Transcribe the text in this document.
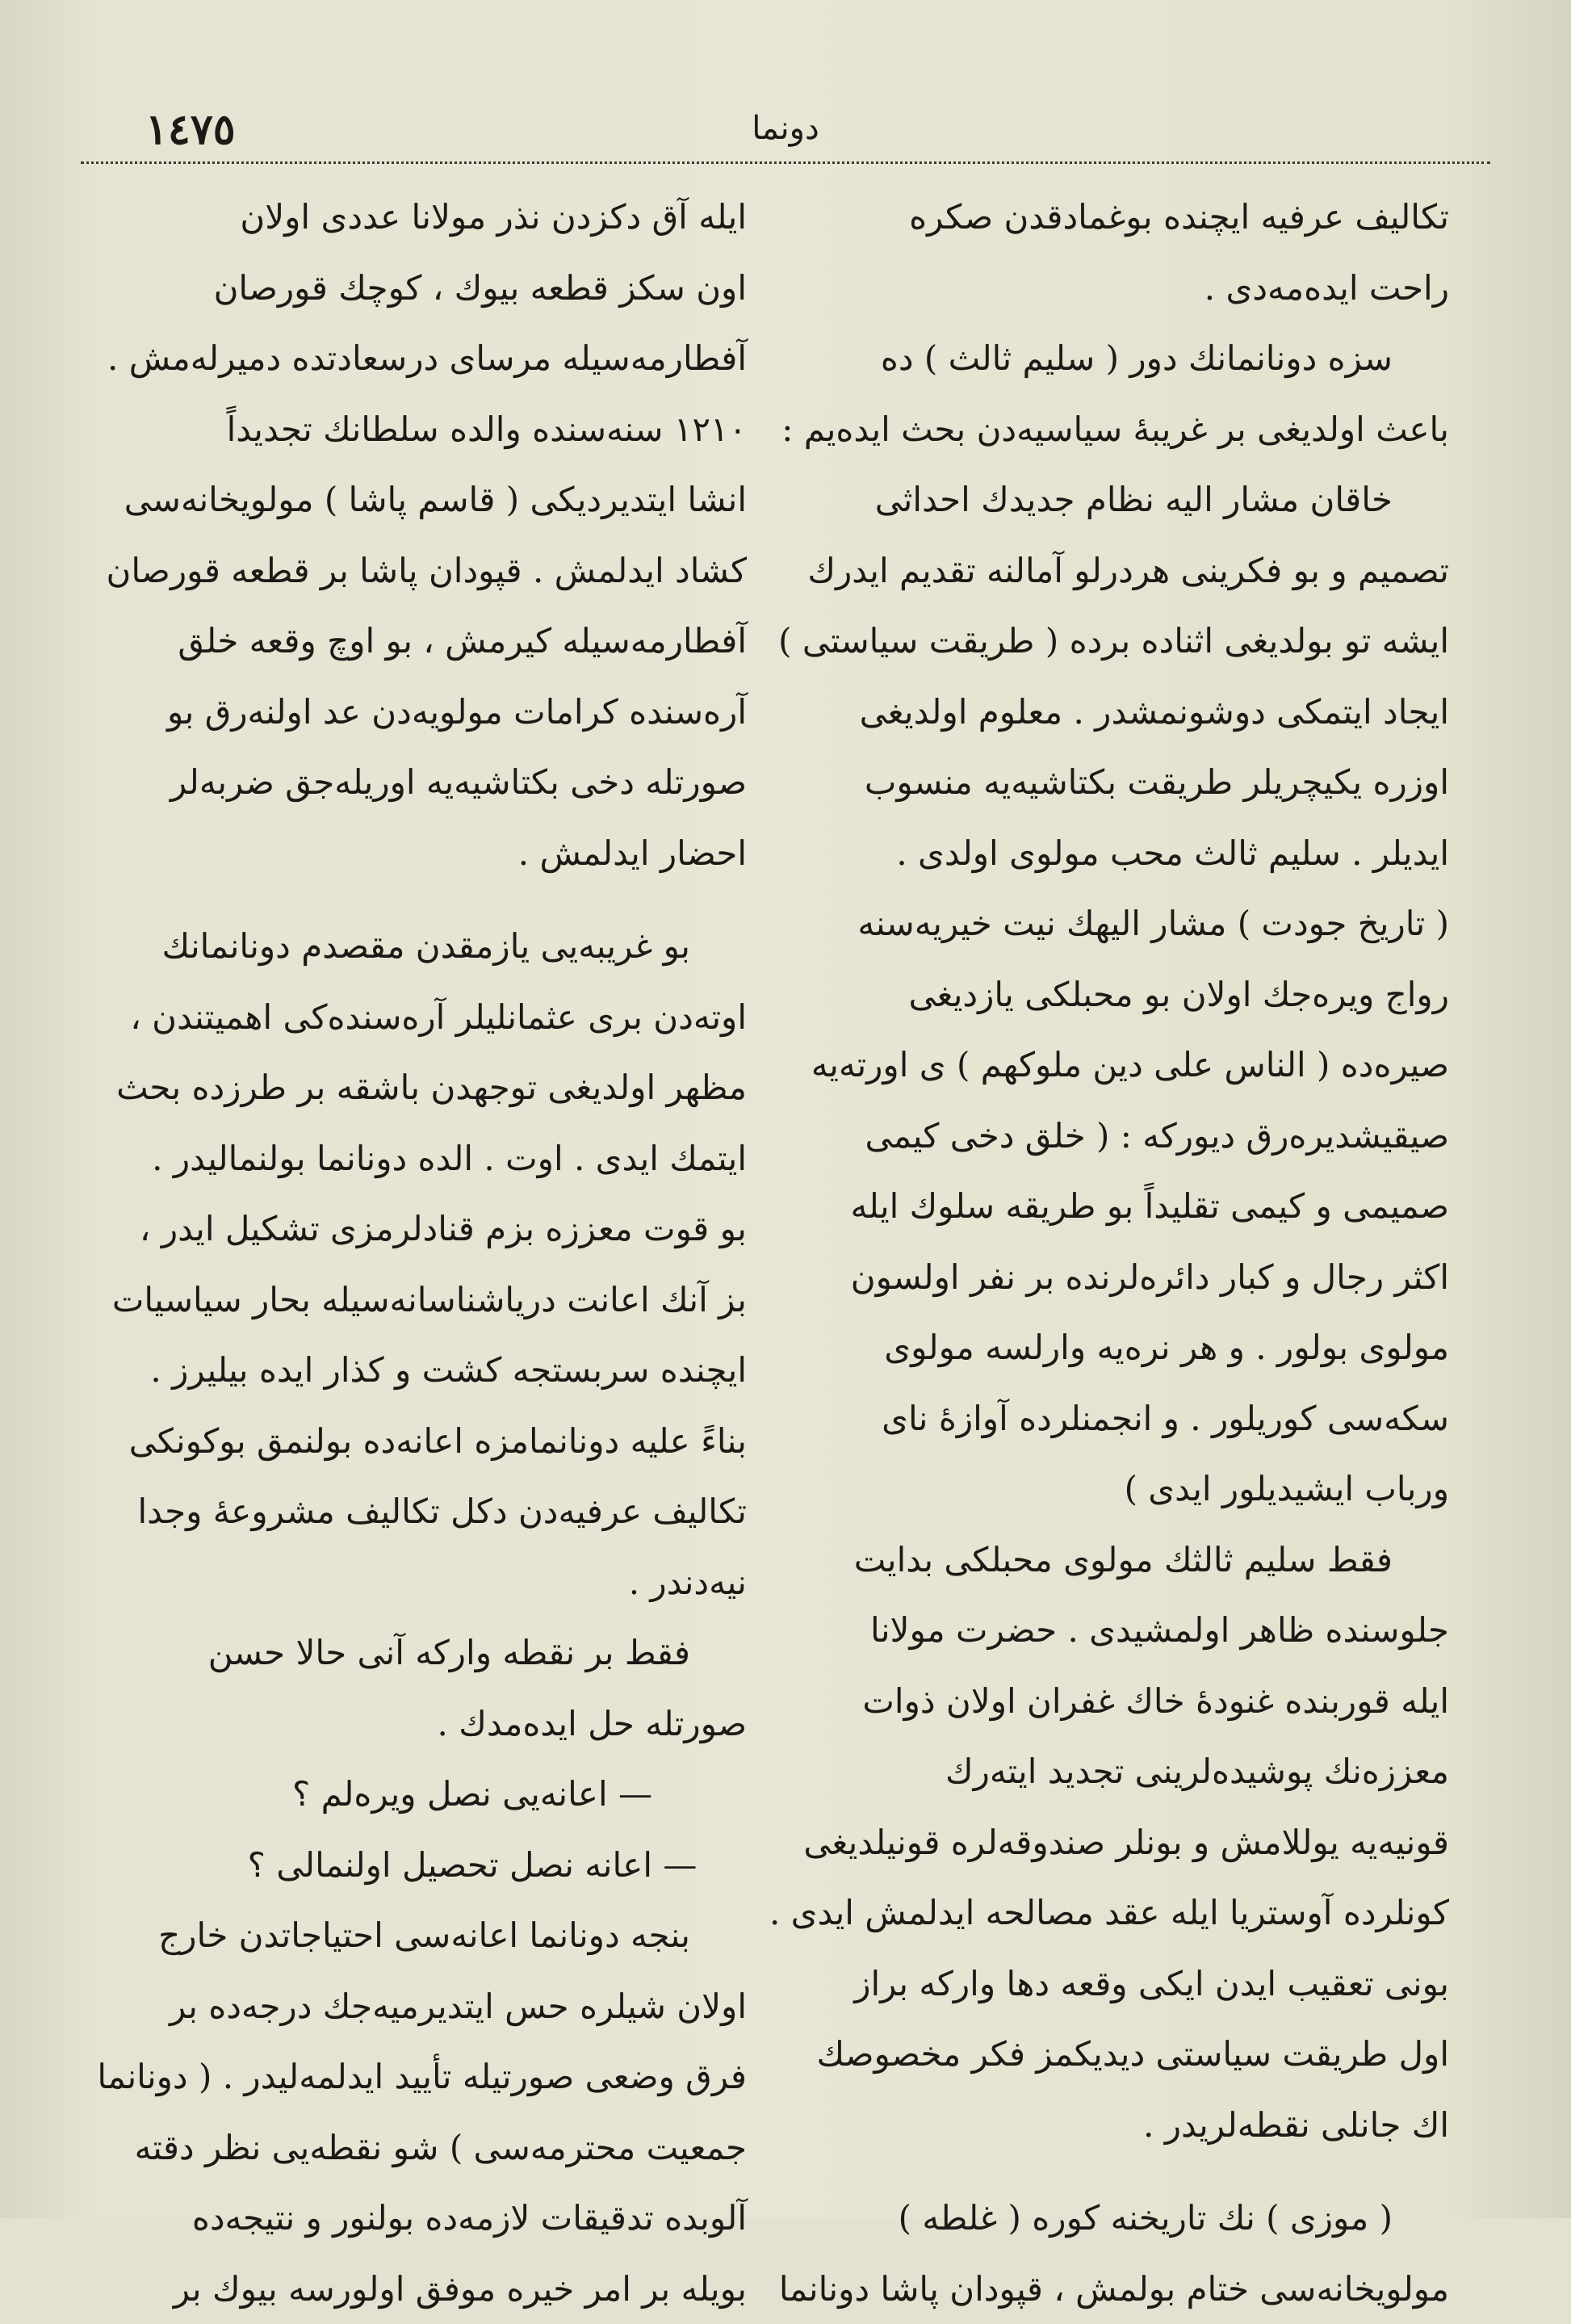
١٤٧٥	دونما
تکالیف عرفیه ایچنده بوغمادقدن صکره
راحت ایده‌مه‌دی .
سزه دونانمانك دور ( سلیم ثالث ) ده
باعث اولدیغی بر غریبهٔ سیاسیه‌دن بحث ایده‌یم :
خاقان مشار الیه نظام جدیدك احداثی
تصمیم و بو فکرینی هردرلو آمالنه تقدیم ایدرك
ایشه تو بولدیغی اثناده برده ( طریقت سیاستی )
ایجاد ایتمکی دوشونمشدر . معلوم اولدیغی
اوزره یکیچریلر طریقت بکتاشیه‌یه منسوب
ایدیلر . سلیم ثالث محب مولوی اولدی .
( تاریخ جودت ) مشار الیهك نیت خیریه‌سنه
رواج ویره‌جك اولان بو محبلکی یازدیغی
صیره‌ده ( الناس علی دین ملوکهم ) ی اورته‌یه
صیقیشدیره‌رق دیورکه : ( خلق دخی کیمی
صمیمی و کیمی تقلیداً بو طریقه سلوك ایله
اکثر رجال و کبار دائره‌لرنده بر نفر اولسون
مولوی بولور . و هر نره‌یه وارلسه مولوی
سکه‌سی کوریلور . و انجمنلرده آوازهٔ نای
ورباب ایشیدیلور ایدی )
فقط سلیم ثالثك مولوی محبلکی بدایت
جلوسنده ظاهر اولمشیدی . حضرت مولانا
ایله قوربنده غنودهٔ خاك غفران اولان ذوات
معززه‌نك پوشیده‌لرینی تجدید ایته‌رك
قونیه‌یه یوللامش و بونلر صندوقه‌لره قونیلدیغی
کونلرده آوستریا ایله عقد مصالحه ایدلمش ایدی .
بونی تعقیب ایدن ایکی وقعه دها وارکه براز
اول طریقت سیاستی دیدیکمز فکر مخصوصك
اك جانلی نقطه‌لریدر .
( موزی ) نك تاریخنه کوره ( غلطه )
مولویخانه‌سی ختام بولمش ، قپودان پاشا دونانما
ایله آق دکزدن نذر مولانا عددی اولان
اون سکز قطعه بیوك ، کوچك قورصان
آفطارمه‌سیله مرسای درسعادتده دمیرله‌مش .
١٢١٠ سنه‌سنده والده سلطانك تجدیداً
انشا ایتدیردیکی ( قاسم پاشا ) مولویخانه‌سی
کشاد ایدلمش . قپودان پاشا بر قطعه قورصان
آفطارمه‌سیله کیرمش ، بو اوچ وقعه خلق
آره‌سنده کرامات مولویه‌دن عد اولنه‌رق بو
صورتله دخی بکتاشیه‌یه اوریله‌جق ضربه‌لر
احضار ایدلمش .
بو غریبه‌یی یازمقدن مقصدم دونانمانك
اوته‌دن بری عثمانلیلر آره‌سنده‌کی اهمیتندن ،
مظهر اولدیغی توجهدن باشقه بر طرزده بحث
ایتمك ایدی . اوت . الده دونانما بولنمالیدر .
بو قوت معززه بزم قنادلرمزی تشکیل ایدر ،
بز آنك اعانت دریاشناسانه‌سیله بحار سیاسیات
ایچنده سربستجه کشت و کذار ایده بیلیرز .
بناءً علیه دونانمامزه اعانه‌ده بولنمق بوکونکی
تکالیف عرفیه‌دن دکل تکالیف مشروعهٔ وجدا
نیه‌دندر .
فقط بر نقطه وارکه آنی حالا حسن
صورتله حل ایده‌مدك .
— اعانه‌یی نصل ویره‌لم ؟
— اعانه نصل تحصیل اولنمالی ؟
بنجه دونانما اعانه‌سی احتیاجاتدن خارج
اولان شیلره حس ایتدیرمیه‌جك درجه‌ده بر
فرق وضعی صورتیله تأیید ایدلمه‌لیدر . ( دونانما
جمعیت محترمه‌سی ) شو نقطه‌یی نظر دقته
آلوبده تدقیقات لازمه‌ده بولنور و نتیجه‌ده
بویله بر امر خیره موفق اولورسه بیوك بر
